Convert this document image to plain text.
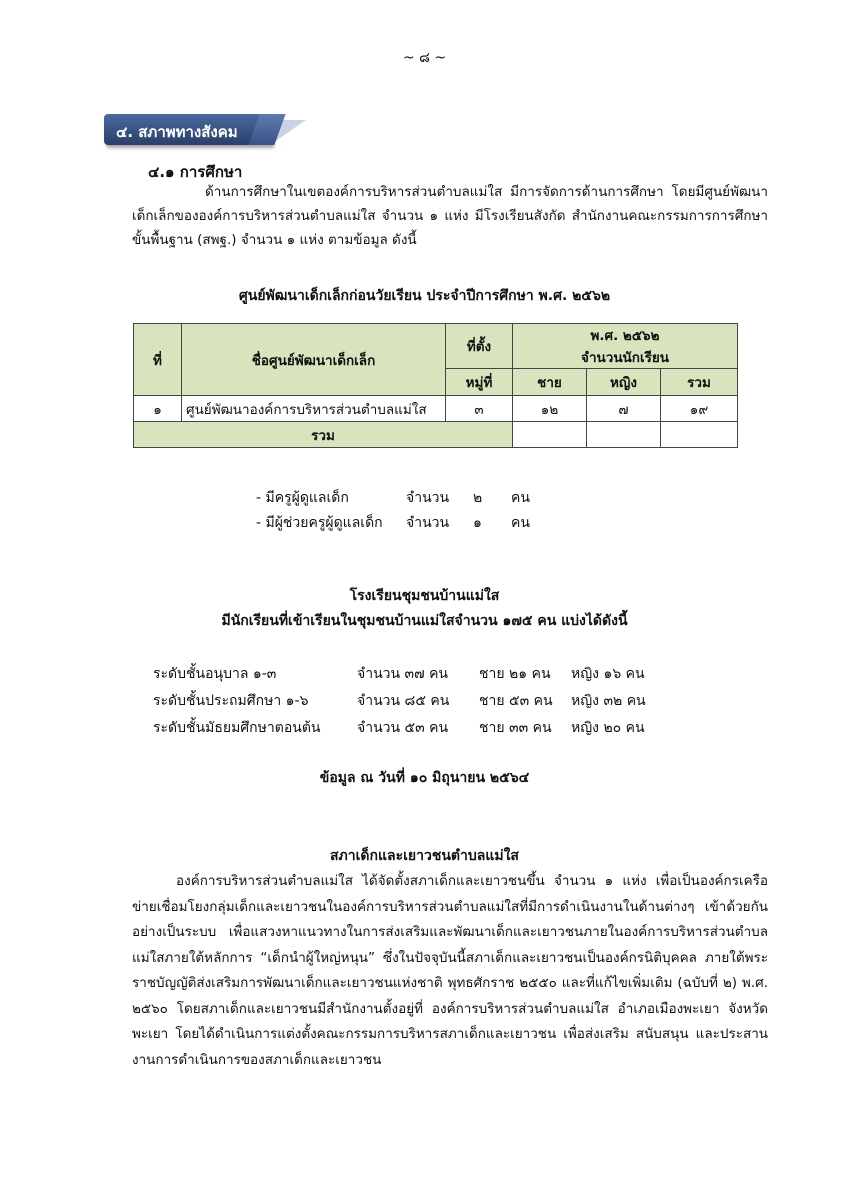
~ ๘ ~
๔. สภาพทางสังคม
๔.๑ การศึกษา
ด้านการศึกษาในเขตองค์การบริหารส่วนตำบลแม่ใส มีการจัดการด้านการศึกษา โดยมีศูนย์พัฒนาเด็กเล็กขององค์การบริหารส่วนตำบลแม่ใส จำนวน ๑ แห่ง มีโรงเรียนสังกัด สำนักงานคณะกรรมการการศึกษาขั้นพื้นฐาน (สพฐ.) จำนวน ๑ แห่ง ตามข้อมูล ดังนี้
ศูนย์พัฒนาเด็กเล็กก่อนวัยเรียน ประจำปีการศึกษา พ.ศ. ๒๕๖๒
ที่	ชื่อศูนย์พัฒนาเด็กเล็ก	ที่ตั้ง	พ.ศ. ๒๕๖๒
จำนวนนักเรียน		

		หมู่ที่	ชาย	หญิง	รวม
๑	ศูนย์พัฒนาองค์การบริหารส่วนตำบลแม่ใส	๓	๑๒	๗	๑๙
รวม					
- มีครูผู้ดูแลเด็ก	จำนวน ๒ คน
- มีผู้ช่วยครูผู้ดูแลเด็ก จำนวน ๑ คน
โรงเรียนชุมชนบ้านแม่ใส
มีนักเรียนที่เข้าเรียนในชุมชนบ้านแม่ใสจำนวน ๑๗๕ คน แบ่งได้ดังนี้
ระดับชั้นอนุบาล ๑-๓	จำนวน ๓๗ คน ชาย ๒๑ คน หญิง ๑๖ คน
ระดับชั้นประถมศึกษา ๑-๖	จำนวน ๘๕ คน ชาย ๕๓ คน หญิง ๓๒ คน
ระดับชั้นมัธยมศึกษาตอนต้น	จำนวน ๕๓ คน ชาย ๓๓ คน หญิง ๒๐ คน
ข้อมูล ณ วันที่ ๑๐ มิถุนายน ๒๕๖๔
สภาเด็กและเยาวชนตำบลแม่ใส
องค์การบริหารส่วนตำบลแม่ใส ได้จัดตั้งสภาเด็กและเยาวชนขึ้น จำนวน ๑ แห่ง เพื่อเป็นองค์กรเครือข่ายเชื่อมโยงกลุ่มเด็กและเยาวชนในองค์การบริหารส่วนตำบลแม่ใสที่มีการดำเนินงานในด้านต่างๆ เข้าด้วยกันอย่างเป็นระบบ เพื่อแสวงหาแนวทางในการส่งเสริมและพัฒนาเด็กและเยาวชนภายในองค์การบริหารส่วนตำบลแม่ใสภายใต้หลักการ “เด็กนำผู้ใหญ่หนุน” ซึ่งในปัจจุบันนี้สภาเด็กและเยาวชนเป็นองค์กรนิติบุคคล ภายใต้พระราชบัญญัติส่งเสริมการพัฒนาเด็กและเยาวชนแห่งชาติ พุทธศักราช ๒๕๕๐ และที่แก้ไขเพิ่มเติม (ฉบับที่ ๒) พ.ศ. ๒๕๖๐ โดยสภาเด็กและเยาวชนมีสำนักงานตั้งอยู่ที่ องค์การบริหารส่วนตำบลแม่ใส อำเภอเมืองพะเยา จังหวัดพะเยา โดยได้ดำเนินการแต่งตั้งคณะกรรมการบริหารสภาเด็กและเยาวชน เพื่อส่งเสริม สนับสนุน และประสานงานการดำเนินการของสภาเด็กและเยาวชน
